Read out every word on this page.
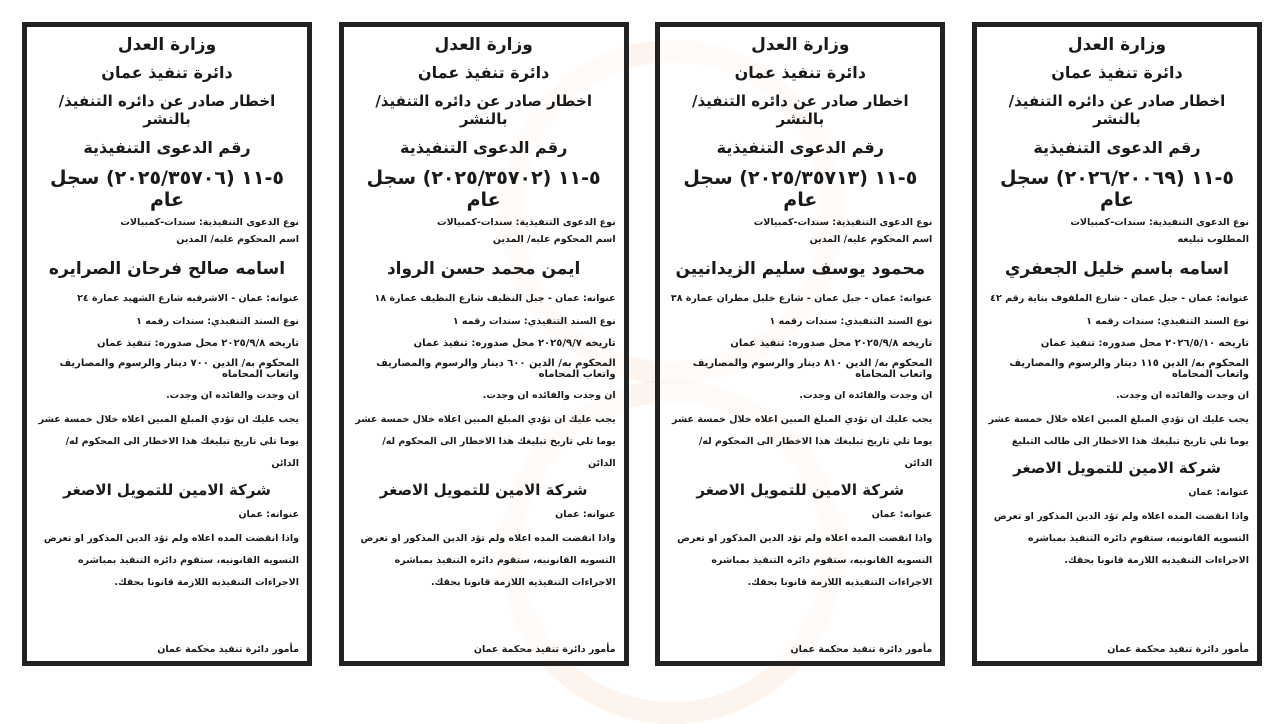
وزارة العدل
دائرة تنفيذ عمان
اخطار صادر عن دائره التنفيذ/ بالنشر
رقم الدعوى التنفيذية
٥-١١ (٢٠٢٦/٢٠٠٦٩) سجل عام
نوع الدعوى التنفيذية: سندات-كمبيالات
المطلوب تبليغه
اسامه باسم خليل الجعفري
عنوانه: عمان - جبل عمان - شارع الملفوف بناية رقم ٤٢
نوع السند التنفيذي: سندات رقمه ١
تاريخه ٢٠٢٦/٥/١٠ محل صدوره: تنفيذ عمان
المحكوم به/ الدين ١١٥ دينار والرسوم والمصاريف واتعاب المحاماه
ان وجدت والفائده ان وجدت.
يجب عليك ان تؤدي المبلغ المبين اعلاه خلال خمسة عشر يوما تلي تاريخ تبليغك هذا الاخطار الى طالب التبليغ
شركة الامين للتمويل الاصغر
عنوانه: عمان
واذا انقضت المده اعلاه ولم تؤد الدين المذكور او تعرض التسويه القانونيه، ستقوم دائره التنفيذ بمباشره الاجراءات التنفيذيه اللازمة قانونا بحقك.
مأمور دائرة تنفيذ محكمة عمان
وزارة العدل
دائرة تنفيذ عمان
اخطار صادر عن دائره التنفيذ/ بالنشر
رقم الدعوى التنفيذية
٥-١١ (٢٠٢٥/٣٥٧١٣) سجل عام
نوع الدعوى التنفيذية: سندات-كمبيالات
اسم المحكوم عليه/ المدين
محمود يوسف سليم الزيدانيين
عنوانه: عمان - جبل عمان - شارع خليل مطران عمارة ٣٨
نوع السند التنفيذي: سندات رقمه ١
تاريخه ٢٠٢٥/٩/٨ محل صدوره: تنفيذ عمان
المحكوم به/ الدين ٨١٠ دينار والرسوم والمصاريف واتعاب المحاماه
ان وجدت والفائده ان وجدت.
يجب عليك ان تؤدي المبلغ المبين اعلاه خلال خمسة عشر يوما تلي تاريخ تبليغك هذا الاخطار الى المحكوم له/ الدائن
شركة الامين للتمويل الاصغر
عنوانه: عمان
واذا انقضت المده اعلاه ولم تؤد الدين المذكور او تعرض التسويه القانونيه، ستقوم دائره التنفيذ بمباشره الاجراءات التنفيذيه اللازمة قانونا بحقك.
مأمور دائرة تنفيذ محكمة عمان
وزارة العدل
دائرة تنفيذ عمان
اخطار صادر عن دائره التنفيذ/ بالنشر
رقم الدعوى التنفيذية
٥-١١ (٢٠٢٥/٣٥٧٠٢) سجل عام
نوع الدعوى التنفيذية: سندات-كمبيالات
اسم المحكوم عليه/ المدين
ايمن محمد حسن الرواد
عنوانه: عمان - جبل النظيف شارع النظيف عمارة ١٨
نوع السند التنفيذي: سندات رقمه ١
تاريخه ٢٠٢٥/٩/٧ محل صدوره: تنفيذ عمان
المحكوم به/ الدين ٦٠٠ دينار والرسوم والمصاريف واتعاب المحاماه
ان وجدت والفائده ان وجدت.
يجب عليك ان تؤدي المبلغ المبين اعلاه خلال خمسة عشر يوما تلي تاريخ تبليغك هذا الاخطار الى المحكوم له/ الدائن
شركة الامين للتمويل الاصغر
عنوانه: عمان
واذا انقضت المده اعلاه ولم تؤد الدين المذكور او تعرض التسويه القانونيه، ستقوم دائره التنفيذ بمباشره الاجراءات التنفيذيه اللازمة قانونا بحقك.
مأمور دائرة تنفيذ محكمة عمان
وزارة العدل
دائرة تنفيذ عمان
اخطار صادر عن دائره التنفيذ/ بالنشر
رقم الدعوى التنفيذية
٥-١١ (٢٠٢٥/٣٥٧٠٦) سجل عام
نوع الدعوى التنفيذية: سندات-كمبيالات
اسم المحكوم عليه/ المدين
اسامه صالح فرحان الصرايره
عنوانه: عمان - الاشرفيه شارع الشهيد عمارة ٢٤
نوع السند التنفيذي: سندات رقمه ١
تاريخه ٢٠٢٥/٩/٨ محل صدوره: تنفيذ عمان
المحكوم به/ الدين ٧٠٠ دينار والرسوم والمصاريف واتعاب المحاماه
ان وجدت والفائده ان وجدت.
يجب عليك ان تؤدي المبلغ المبين اعلاه خلال خمسة عشر يوما تلي تاريخ تبليغك هذا الاخطار الى المحكوم له/ الدائن
شركة الامين للتمويل الاصغر
عنوانه: عمان
واذا انقضت المده اعلاه ولم تؤد الدين المذكور او تعرض التسويه القانونيه، ستقوم دائره التنفيذ بمباشره الاجراءات التنفيذيه اللازمة قانونا بحقك.
مأمور دائرة تنفيذ محكمة عمان
